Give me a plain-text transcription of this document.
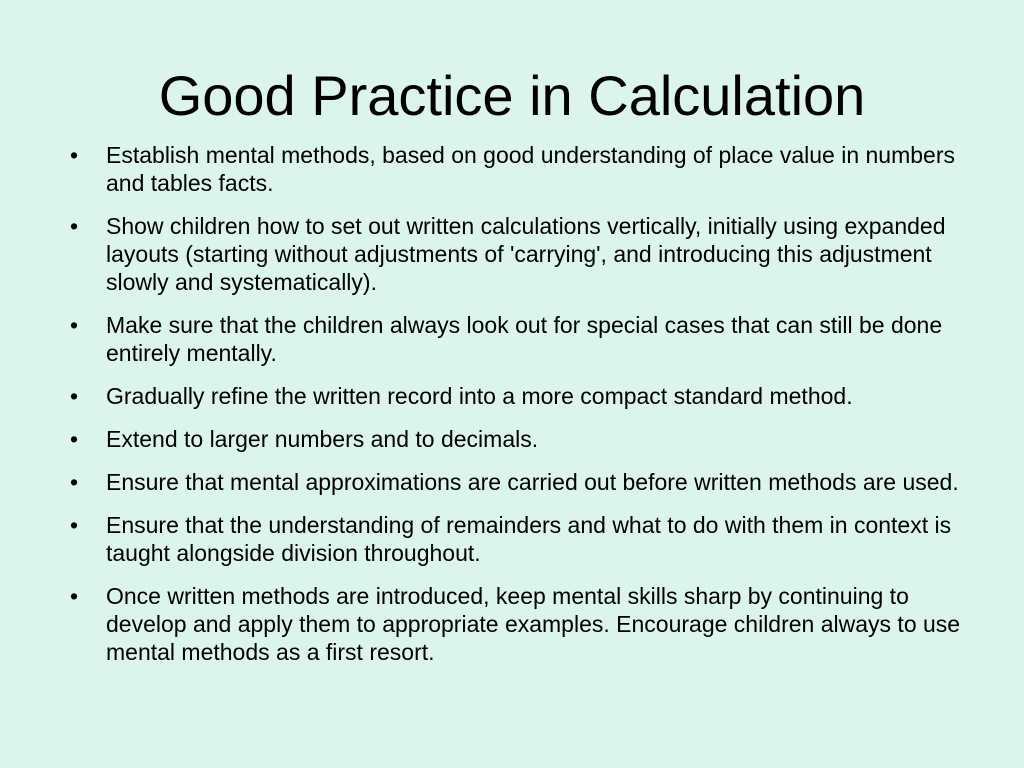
Good Practice in Calculation
• Establish mental methods, based on good understanding of place value in numbers and tables facts.
• Show children how to set out written calculations vertically, initially using expanded layouts (starting without adjustments of 'carrying', and introducing this adjustment slowly and systematically).
• Make sure that the children always look out for special cases that can still be done entirely mentally.
• Gradually refine the written record into a more compact standard method.
• Extend to larger numbers and to decimals.
• Ensure that mental approximations are carried out before written methods are used.
• Ensure that the understanding of remainders and what to do with them in context is taught alongside division throughout.
• Once written methods are introduced, keep mental skills sharp by continuing to develop and apply them to appropriate examples. Encourage children always to use mental methods as a first resort.
